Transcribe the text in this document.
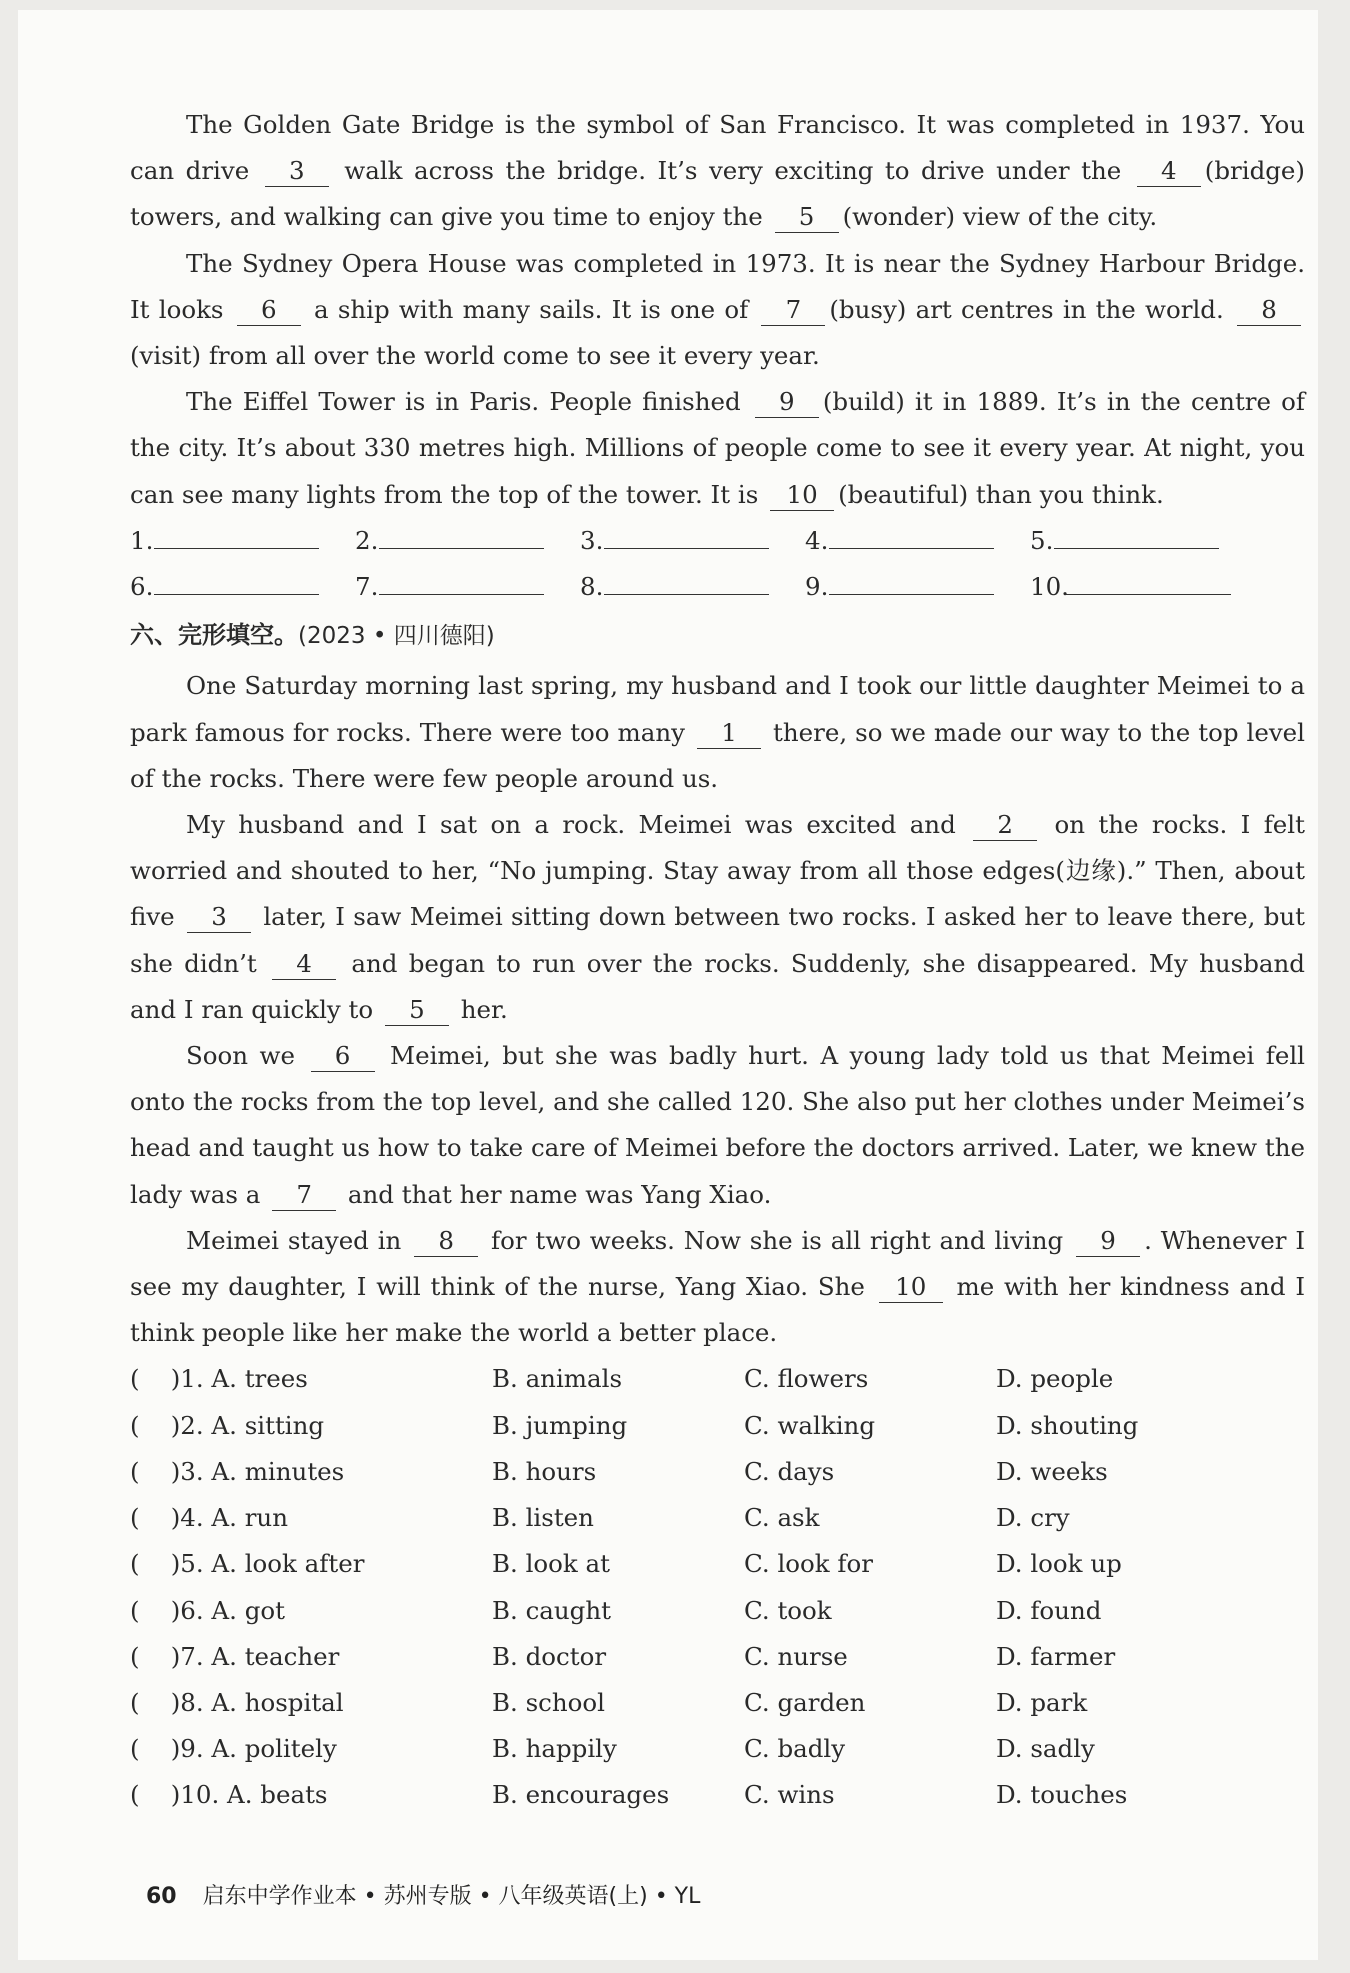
The Golden Gate Bridge is the symbol of San Francisco. It was completed in 1937. You can drive 3 walk across the bridge. It’s very exciting to drive under the 4 (bridge) towers, and walking can give you time to enjoy the 5 (wonder) view of the city.

The Sydney Opera House was completed in 1973. It is near the Sydney Harbour Bridge. It looks 6 a ship with many sails. It is one of 7 (busy) art centres in the world. 8 (visit) from all over the world come to see it every year.

The Eiffel Tower is in Paris. People finished 9 (build) it in 1889. It’s in the centre of the city. It’s about 330 metres high. Millions of people come to see it every year. At night, you can see many lights from the top of the tower. It is 10 (beautiful) than you think.

1.	2.	3.	4.	5.
6.	7.	8.	9.	10.
六、完形填空。(2023 • 四川德阳)

One Saturday morning last spring, my husband and I took our little daughter Meimei to a park famous for rocks. There were too many 1 there, so we made our way to the top level of the rocks. There were few people around us.

My husband and I sat on a rock. Meimei was excited and 2 on the rocks. I felt worried and shouted to her, “No jumping. Stay away from all those edges(边缘).” Then, about five 3 later, I saw Meimei sitting down between two rocks. I asked her to leave there, but she didn’t 4 and began to run over the rocks. Suddenly, she disappeared. My husband and I ran quickly to 5 her.

Soon we 6 Meimei, but she was badly hurt. A young lady told us that Meimei fell onto the rocks from the top level, and she called 120. She also put her clothes under Meimei’s head and taught us how to take care of Meimei before the doctors arrived. Later, we knew the lady was a 7 and that her name was Yang Xiao.

Meimei stayed in 8 for two weeks. Now she is all right and living 9 . Whenever I see my daughter, I will think of the nurse, Yang Xiao. She 10 me with her kindness and I think people like her make the world a better place.

(    )1. A. trees	B. animals	C. flowers	D. people
(    )2. A. sitting	B. jumping	C. walking	D. shouting
(    )3. A. minutes	B. hours	C. days	D. weeks
(    )4. A. run	B. listen	C. ask	D. cry
(    )5. A. look after	B. look at	C. look for	D. look up
(    )6. A. got	B. caught	C. took	D. found
(    )7. A. teacher	B. doctor	C. nurse	D. farmer
(    )8. A. hospital	B. school	C. garden	D. park
(    )9. A. politely	B. happily	C. badly	D. sadly
(    )10. A. beats	B. encourages	C. wins	D. touches
60 启东中学作业本 • 苏州专版 • 八年级英语(上) • YL
